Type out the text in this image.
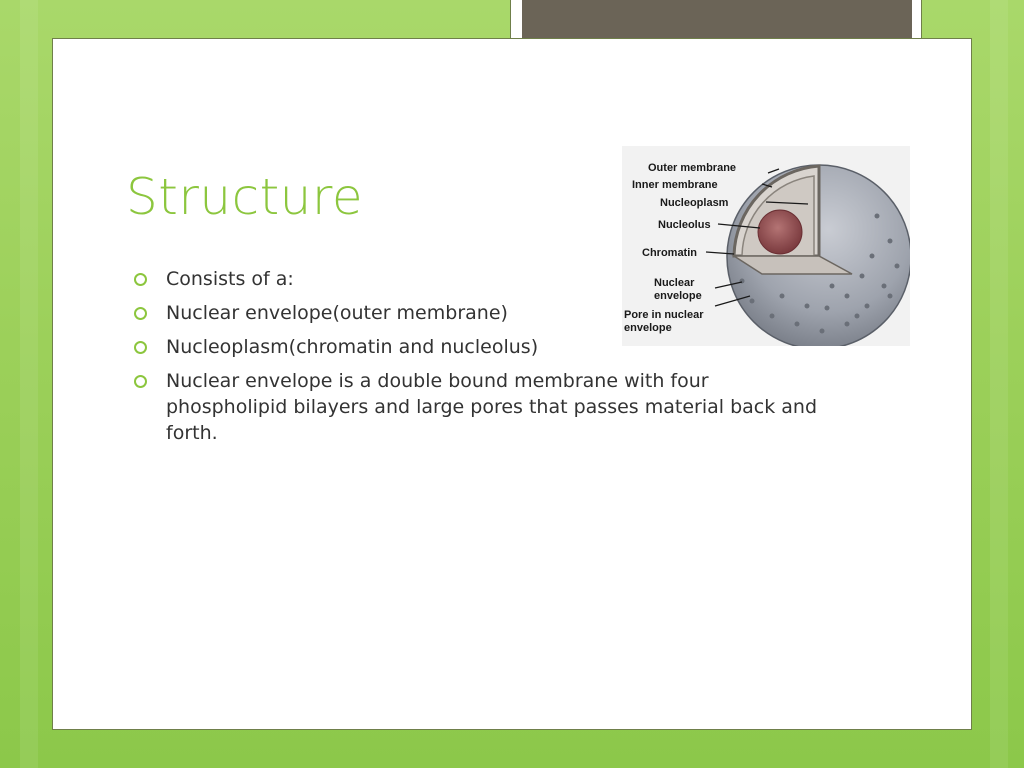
Structure
Consists of a:
Nuclear envelope(outer membrane)
Nucleoplasm(chromatin and nucleolus)
Nuclear envelope is a double bound membrane with four phospholipid bilayers and large pores that passes material back and forth.
Outer membrane
Inner membrane
Nucleoplasm
Nucleolus
Chromatin
Nuclear
envelope
Pore in nuclear
envelope
